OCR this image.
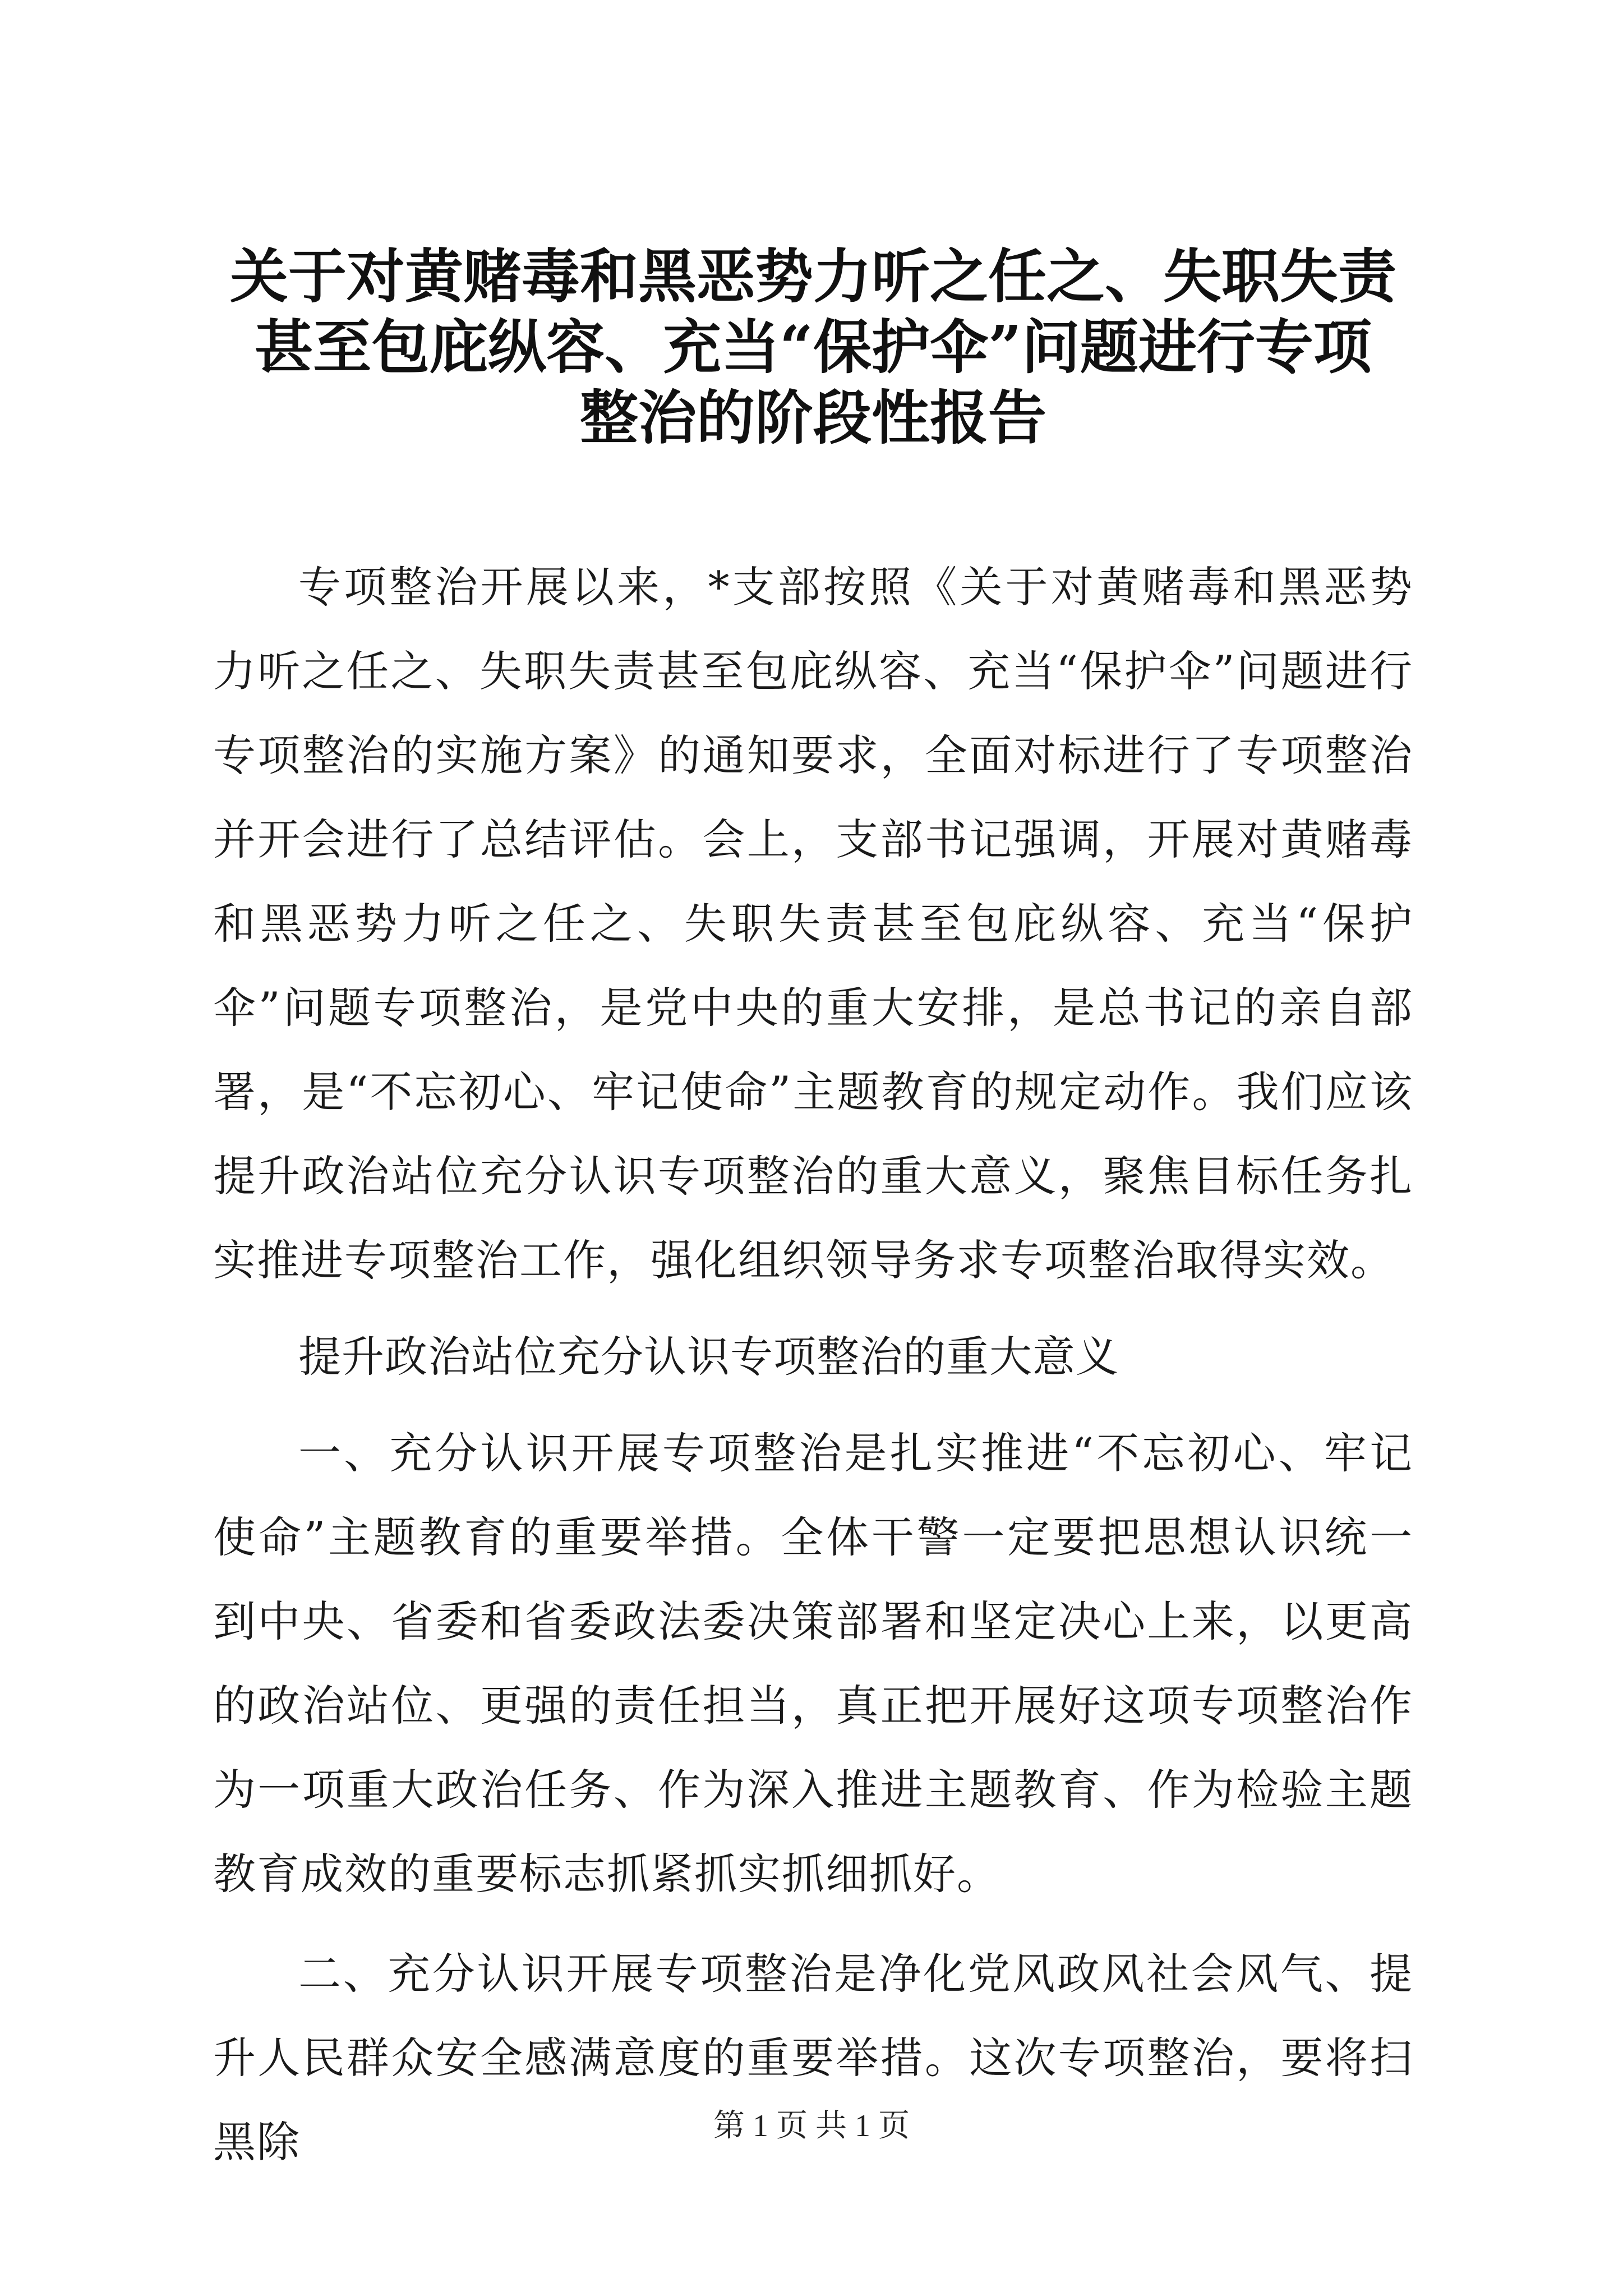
关于对黄赌毒和黑恶势力听之任之、失职失责
甚至包庇纵容、充当“保护伞”问题进行专项
整治的阶段性报告

专项整治开展以来，*支部按照《关于对黄赌毒和黑恶势力听之任之、失职失责甚至包庇纵容、充当“保护伞”问题进行专项整治的实施方案》的通知要求，全面对标进行了专项整治并开会进行了总结评估。会上，支部书记强调，开展对黄赌毒和黑恶势力听之任之、失职失责甚至包庇纵容、充当“保护伞”问题专项整治，是党中央的重大安排，是总书记的亲自部署，是“不忘初心、牢记使命”主题教育的规定动作。我们应该提升政治站位充分认识专项整治的重大意义，聚焦目标任务扎实推进专项整治工作，强化组织领导务求专项整治取得实效。

提升政治站位充分认识专项整治的重大意义

一、充分认识开展专项整治是扎实推进“不忘初心、牢记使命”主题教育的重要举措。全体干警一定要把思想认识统一到中央、省委和省委政法委决策部署和坚定决心上来，以更高的政治站位、更强的责任担当，真正把开展好这项专项整治作为一项重大政治任务、作为深入推进主题教育、作为检验主题教育成效的重要标志抓紧抓实抓细抓好。

二、充分认识开展专项整治是净化党风政风社会风气、提升人民群众安全感满意度的重要举措。这次专项整治，要将扫黑除	第 1 页 共 1 页
